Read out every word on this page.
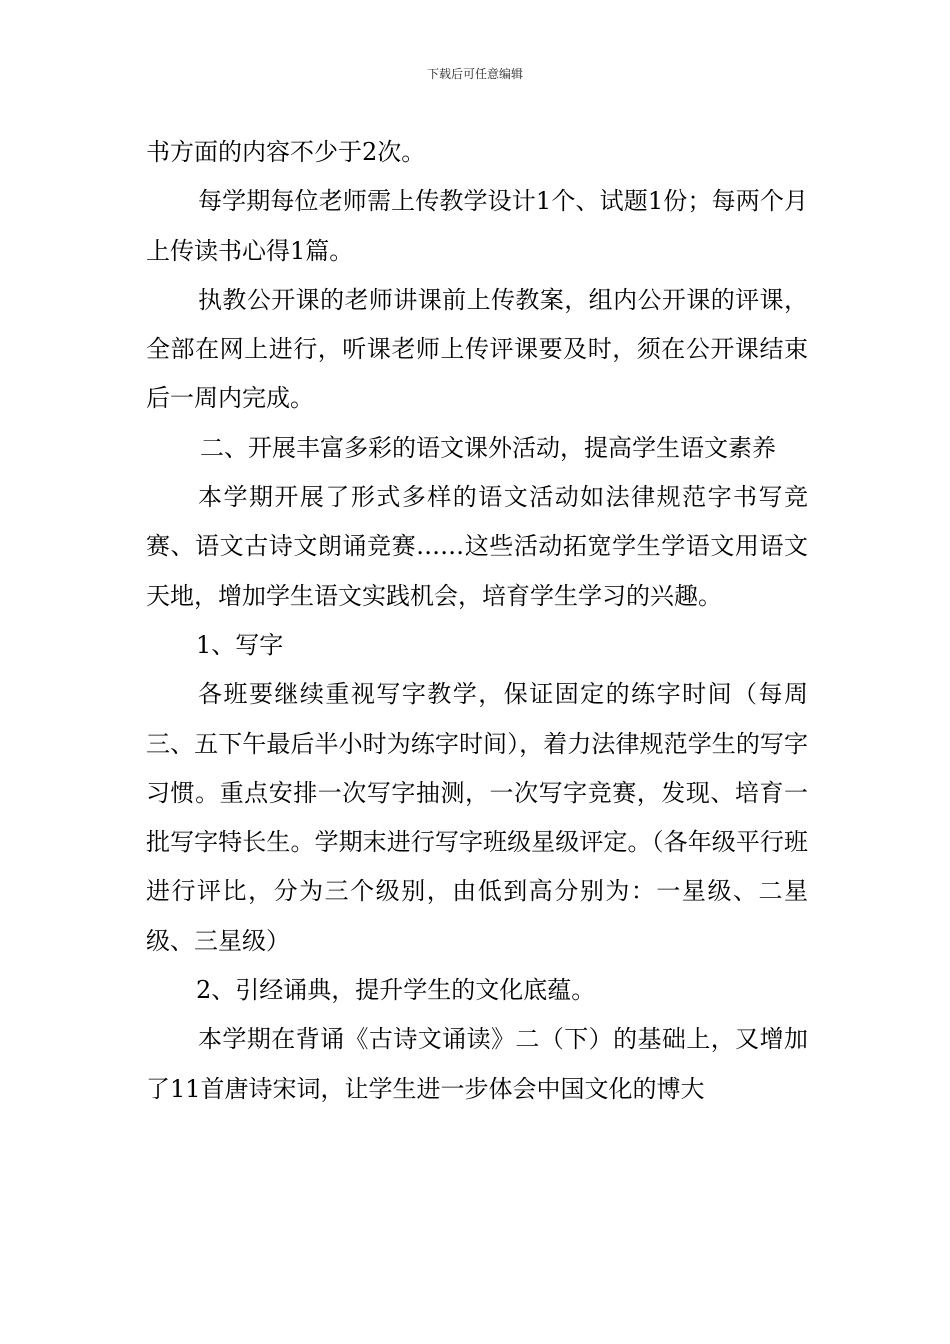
下载后可任意编辑

书方面的内容不少于2次。

每学期每位老师需上传教学设计1个、试题1份；每两个月上传读书心得1篇。

执教公开课的老师讲课前上传教案，组内公开课的评课，全部在网上进行，听课老师上传评课要及时，须在公开课结束后一周内完成。

二、开展丰富多彩的语文课外活动，提高学生语文素养

本学期开展了形式多样的语文活动如法律规范字书写竞赛、语文古诗文朗诵竞赛……这些活动拓宽学生学语文用语文天地，增加学生语文实践机会，培育学生学习的兴趣。

1、写字

各班要继续重视写字教学，保证固定的练字时间（每周三、五下午最后半小时为练字时间），着力法律规范学生的写字习惯。重点安排一次写字抽测，一次写字竞赛，发现、培育一批写字特长生。学期末进行写字班级星级评定。（各年级平行班进行评比，分为三个级别，由低到高分别为：一星级、二星级、三星级）

2、引经诵典，提升学生的文化底蕴。

本学期在背诵《古诗文诵读》二（下）的基础上，又增加了11首唐诗宋词，让学生进一步体会中国文化的博大
